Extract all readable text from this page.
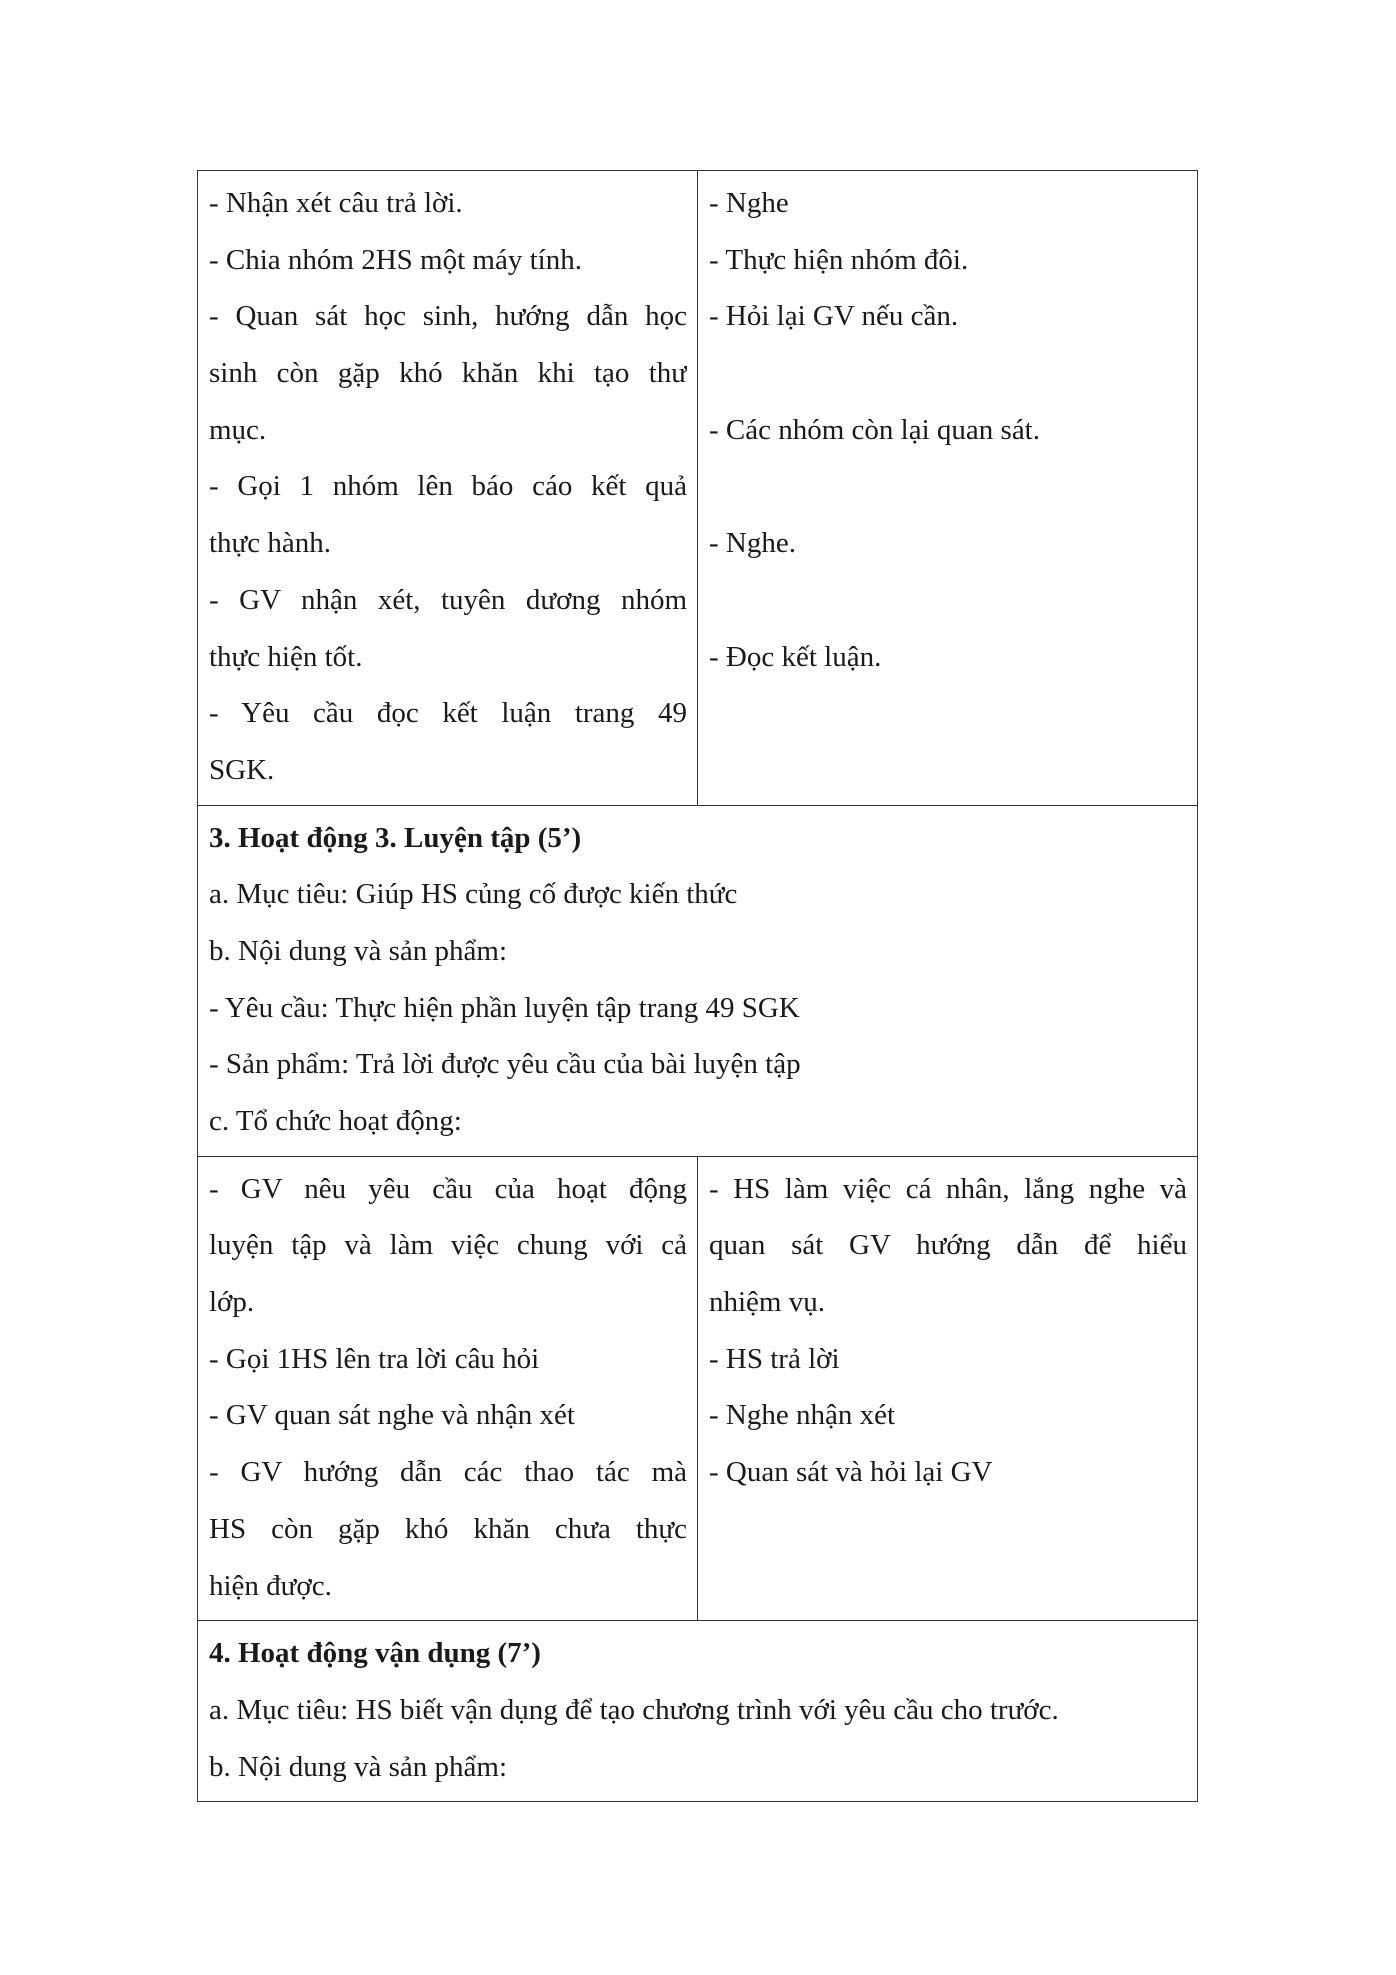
- Nhận xét câu trả lời.
- Chia nhóm 2HS một máy tính.
- Quan sát học sinh, hướng dẫn học
sinh còn gặp khó khăn khi tạo thư
mục.
- Gọi 1 nhóm lên báo cáo kết quả
thực hành.
- GV nhận xét, tuyên dương nhóm
thực hiện tốt.
- Yêu cầu đọc kết luận trang 49
SGK.
- Nghe
- Thực hiện nhóm đôi.
- Hỏi lại GV nếu cần.
- Các nhóm còn lại quan sát.
- Nghe.
- Đọc kết luận.
3. Hoạt động 3. Luyện tập (5’)
a. Mục tiêu: Giúp HS củng cố được kiến thức
b. Nội dung và sản phẩm:
- Yêu cầu: Thực hiện phần luyện tập trang 49 SGK
- Sản phẩm: Trả lời được yêu cầu của bài luyện tập
c. Tổ chức hoạt động:
- GV nêu yêu cầu của hoạt động
luyện tập và làm việc chung với cả
lớp.
- Gọi 1HS lên tra lời câu hỏi
- GV quan sát nghe và nhận xét
- GV hướng dẫn các thao tác mà
HS còn gặp khó khăn chưa thực
hiện được.
- HS làm việc cá nhân, lắng nghe và
quan sát GV hướng dẫn để hiểu
nhiệm vụ.
- HS trả lời
- Nghe nhận xét
- Quan sát và hỏi lại GV
4. Hoạt động vận dụng (7’)
a. Mục tiêu: HS biết vận dụng để tạo chương trình với yêu cầu cho trước.
b. Nội dung và sản phẩm:
